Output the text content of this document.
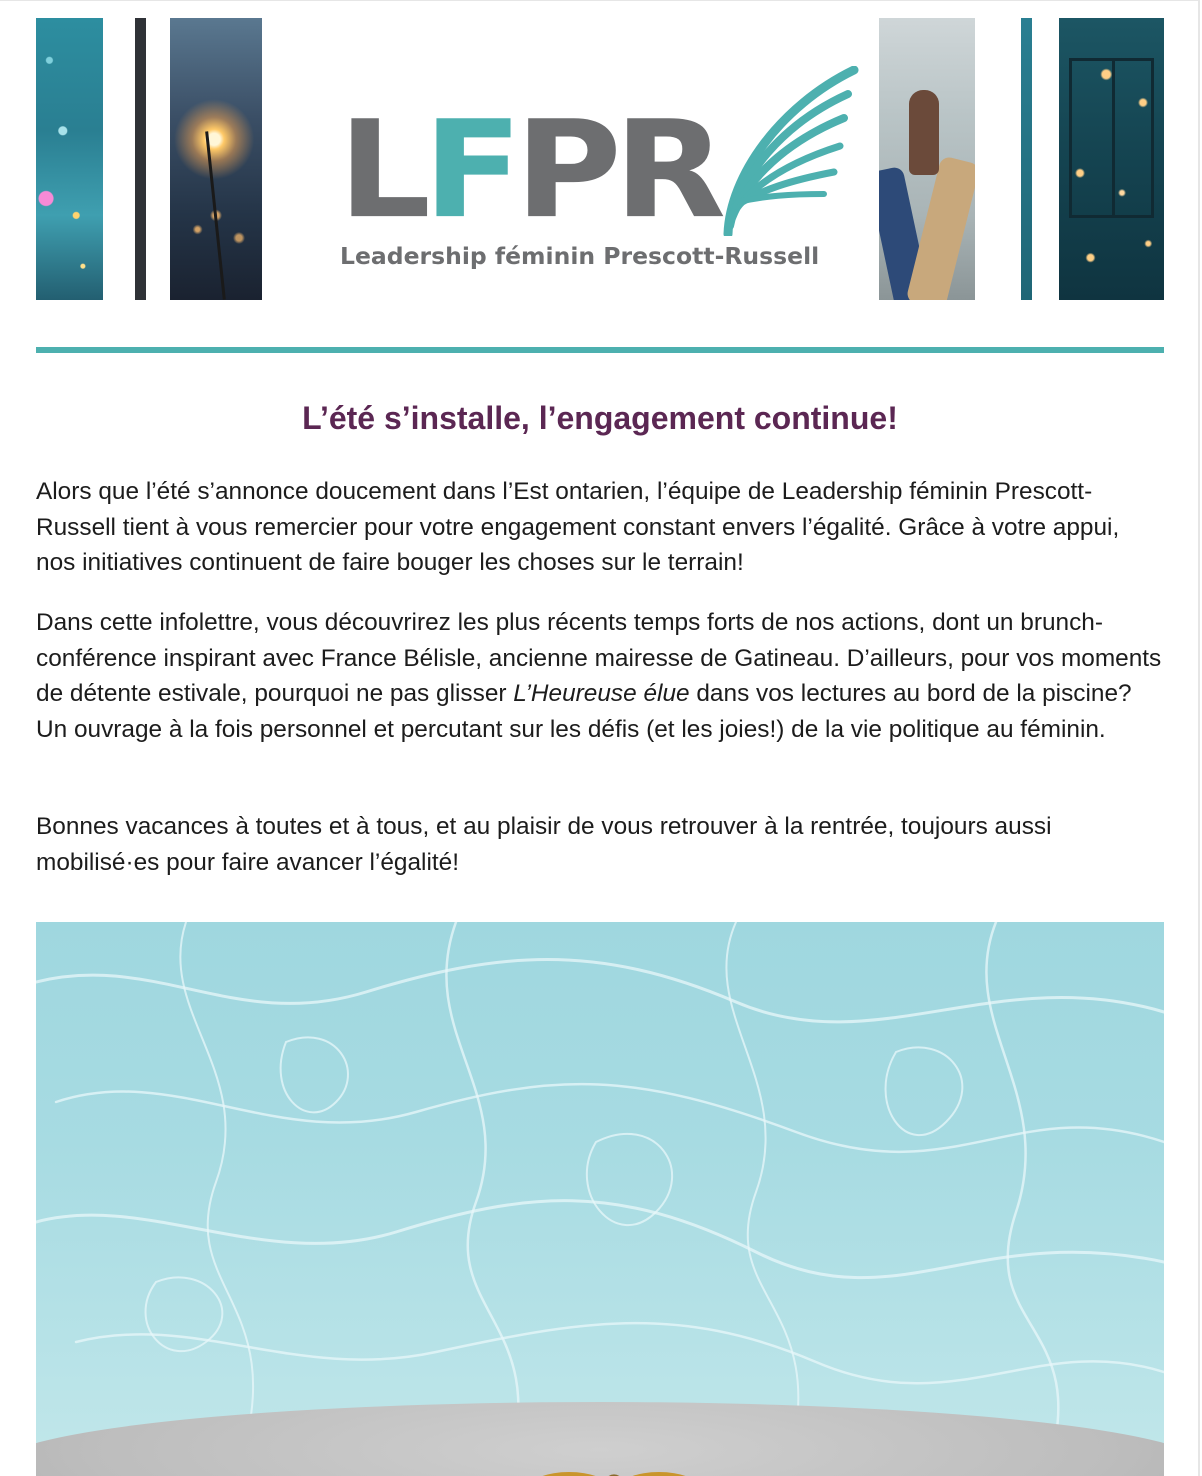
LFPR
Leadership féminin Prescott-Russell
L’été s’installe, l’engagement continue!

Alors que l’été s’annonce doucement dans l’Est ontarien, l’équipe de Leadership féminin Prescott-Russell tient à vous remercier pour votre engagement constant envers l’égalité. Grâce à votre appui, nos initiatives continuent de faire bouger les choses sur le terrain!

Dans cette infolettre, vous découvrirez les plus récents temps forts de nos actions, dont un brunch-conférence inspirant avec France Bélisle, ancienne mairesse de Gatineau. D’ailleurs, pour vos moments de détente estivale, pourquoi ne pas glisser L’Heureuse élue dans vos lectures au bord de la piscine? Un ouvrage à la fois personnel et percutant sur les défis (et les joies!) de la vie politique au féminin.

Bonnes vacances à toutes et à tous, et au plaisir de vous retrouver à la rentrée, toujours aussi mobilisé·es pour faire avancer l’égalité!
